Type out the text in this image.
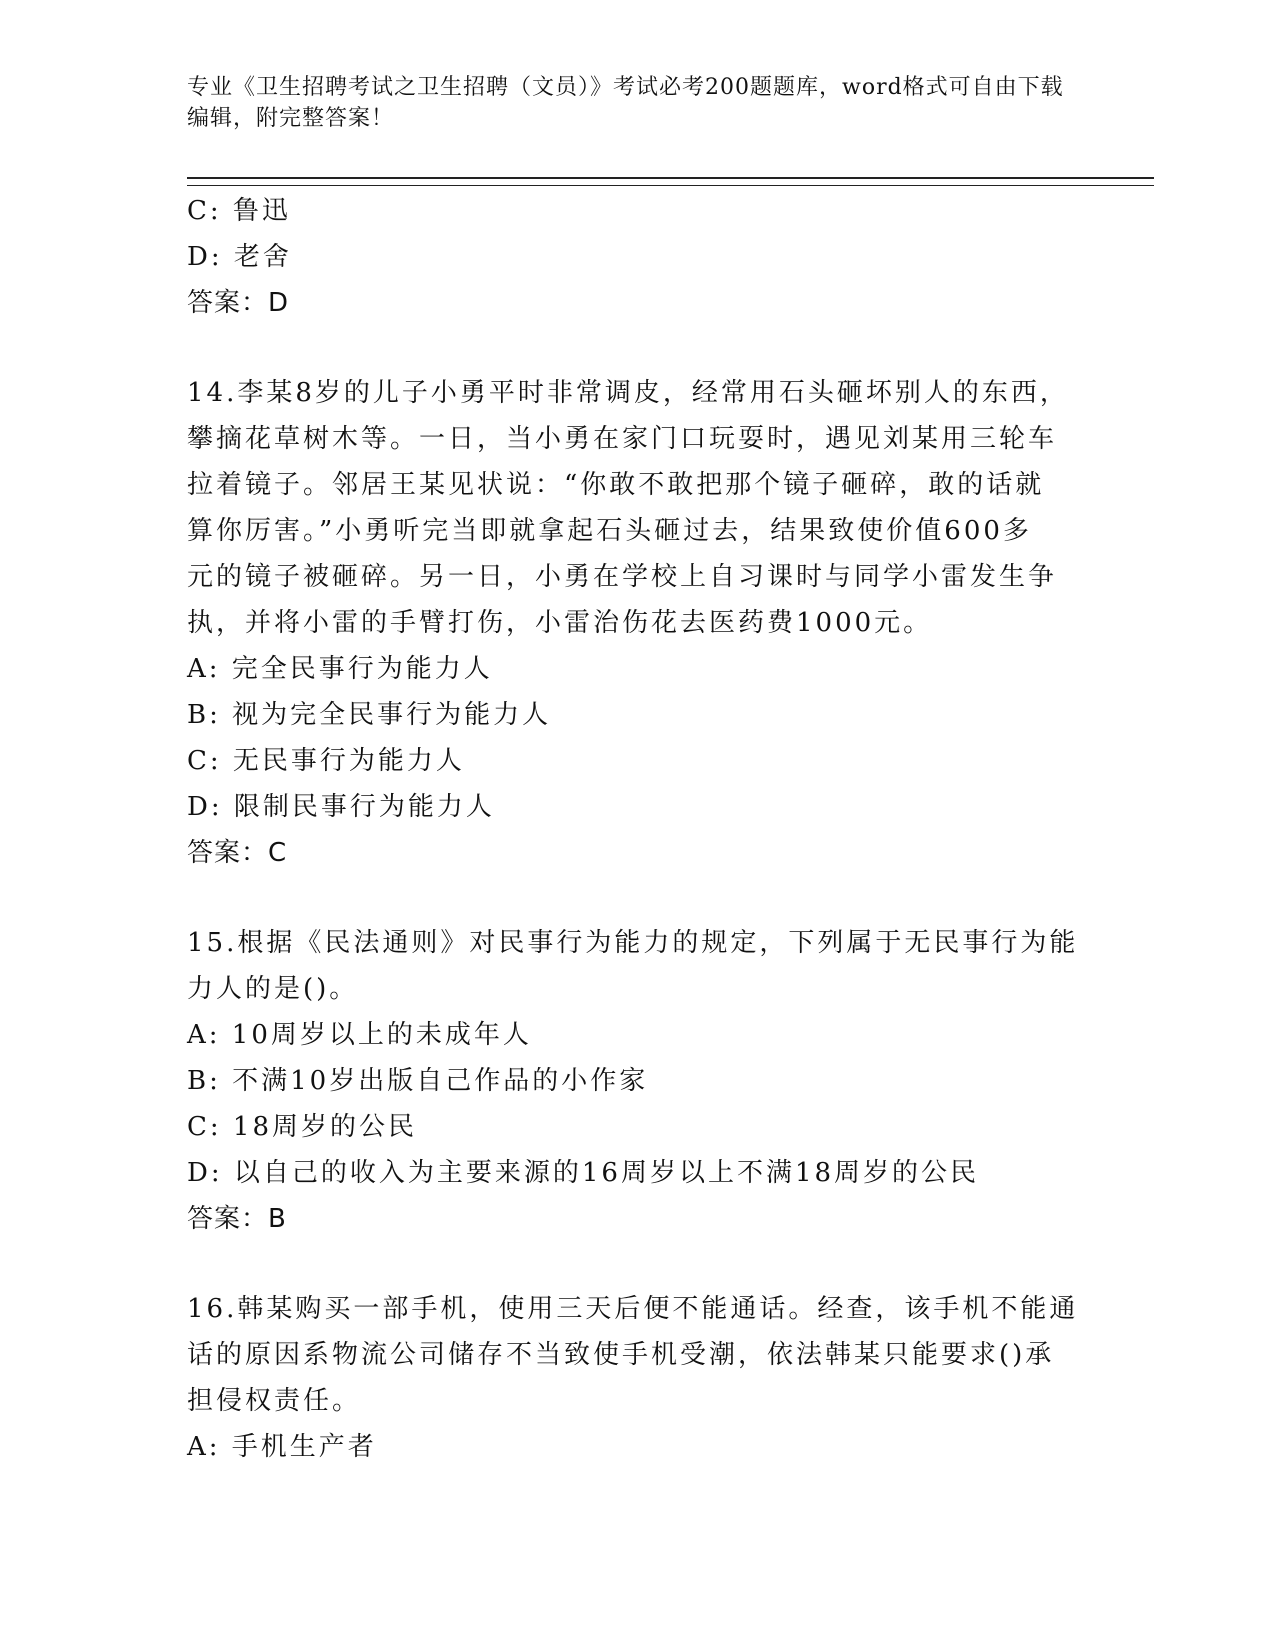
专业《卫生招聘考试之卫生招聘（文员）》考试必考200题题库，word格式可自由下载编辑，附完整答案！
C: 鲁迅
D: 老舍
答案：D
14.李某8岁的儿子小勇平时非常调皮，经常用石头砸坏别人的东西，
攀摘花草树木等。一日，当小勇在家门口玩耍时，遇见刘某用三轮车
拉着镜子。邻居王某见状说：“你敢不敢把那个镜子砸碎，敢的话就
算你厉害。”小勇听完当即就拿起石头砸过去，结果致使价值600多
元的镜子被砸碎。另一日，小勇在学校上自习课时与同学小雷发生争
执，并将小雷的手臂打伤，小雷治伤花去医药费1000元。
A: 完全民事行为能力人
B: 视为完全民事行为能力人
C: 无民事行为能力人
D: 限制民事行为能力人
答案：C
15.根据《民法通则》对民事行为能力的规定，下列属于无民事行为能
力人的是()。
A: 10周岁以上的未成年人
B: 不满10岁出版自己作品的小作家
C: 18周岁的公民
D: 以自己的收入为主要来源的16周岁以上不满18周岁的公民
答案：B
16.韩某购买一部手机，使用三天后便不能通话。经查，该手机不能通
话的原因系物流公司储存不当致使手机受潮，依法韩某只能要求()承
担侵权责任。
A: 手机生产者
